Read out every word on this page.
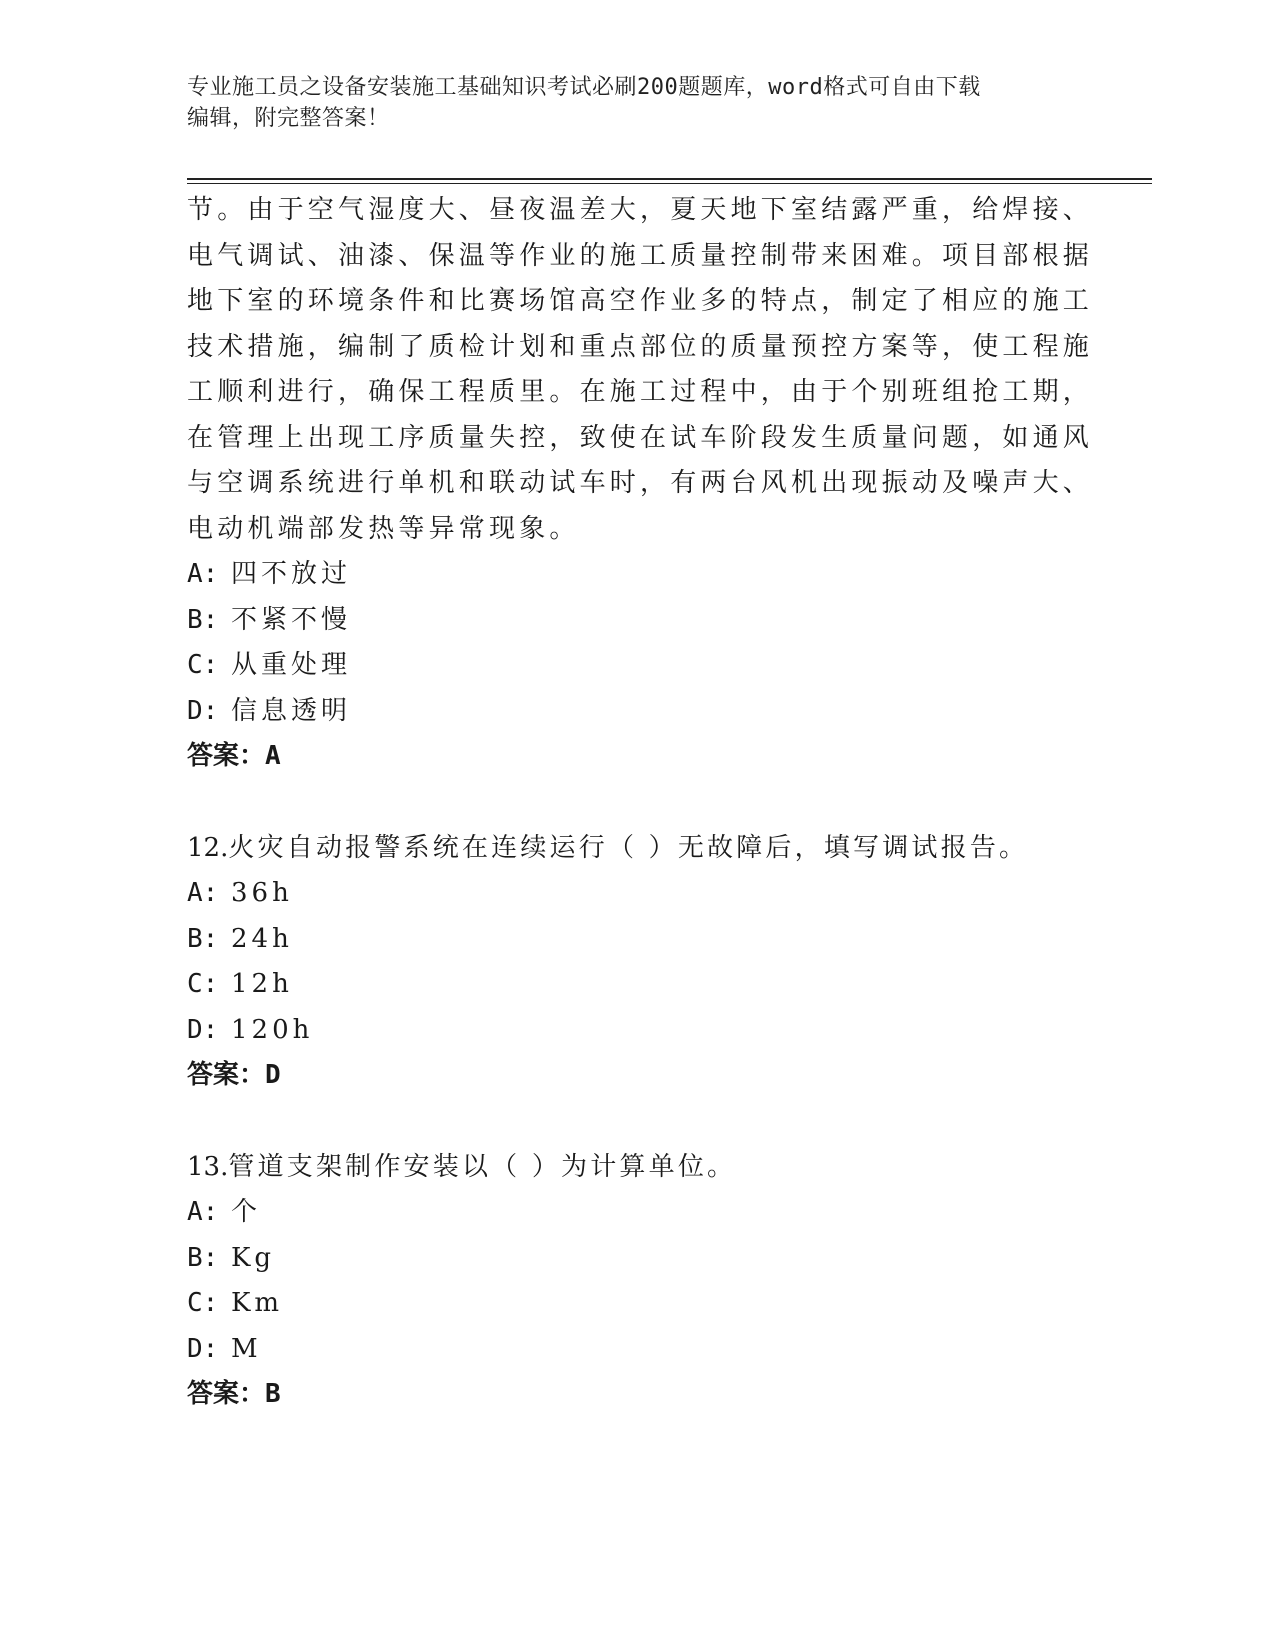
专业施工员之设备安装施工基础知识考试必刷200题题库，word格式可自由下载
编辑，附完整答案！

节。由于空气湿度大、昼夜温差大，夏天地下室结露严重，给焊接、
电气调试、油漆、保温等作业的施工质量控制带来困难。项目部根据
地下室的环境条件和比赛场馆高空作业多的特点，制定了相应的施工
技术措施，编制了质检计划和重点部位的质量预控方案等，使工程施
工顺利进行，确保工程质里。在施工过程中，由于个别班组抢工期，
在管理上出现工序质量失控，致使在试车阶段发生质量问题，如通风
与空调系统进行单机和联动试车时，有两台风机出现振动及噪声大、
电动机端部发热等异常现象。

A: 四不放过

B: 不紧不慢

C: 从重处理

D: 信息透明

答案：A

12.火灾自动报警系统在连续运行（ ）无故障后，填写调试报告。

A: 36h

B: 24h

C: 12h

D: 120h

答案：D

13.管道支架制作安装以（ ）为计算单位。

A: 个

B: Kg

C: Km

D: M

答案：B
